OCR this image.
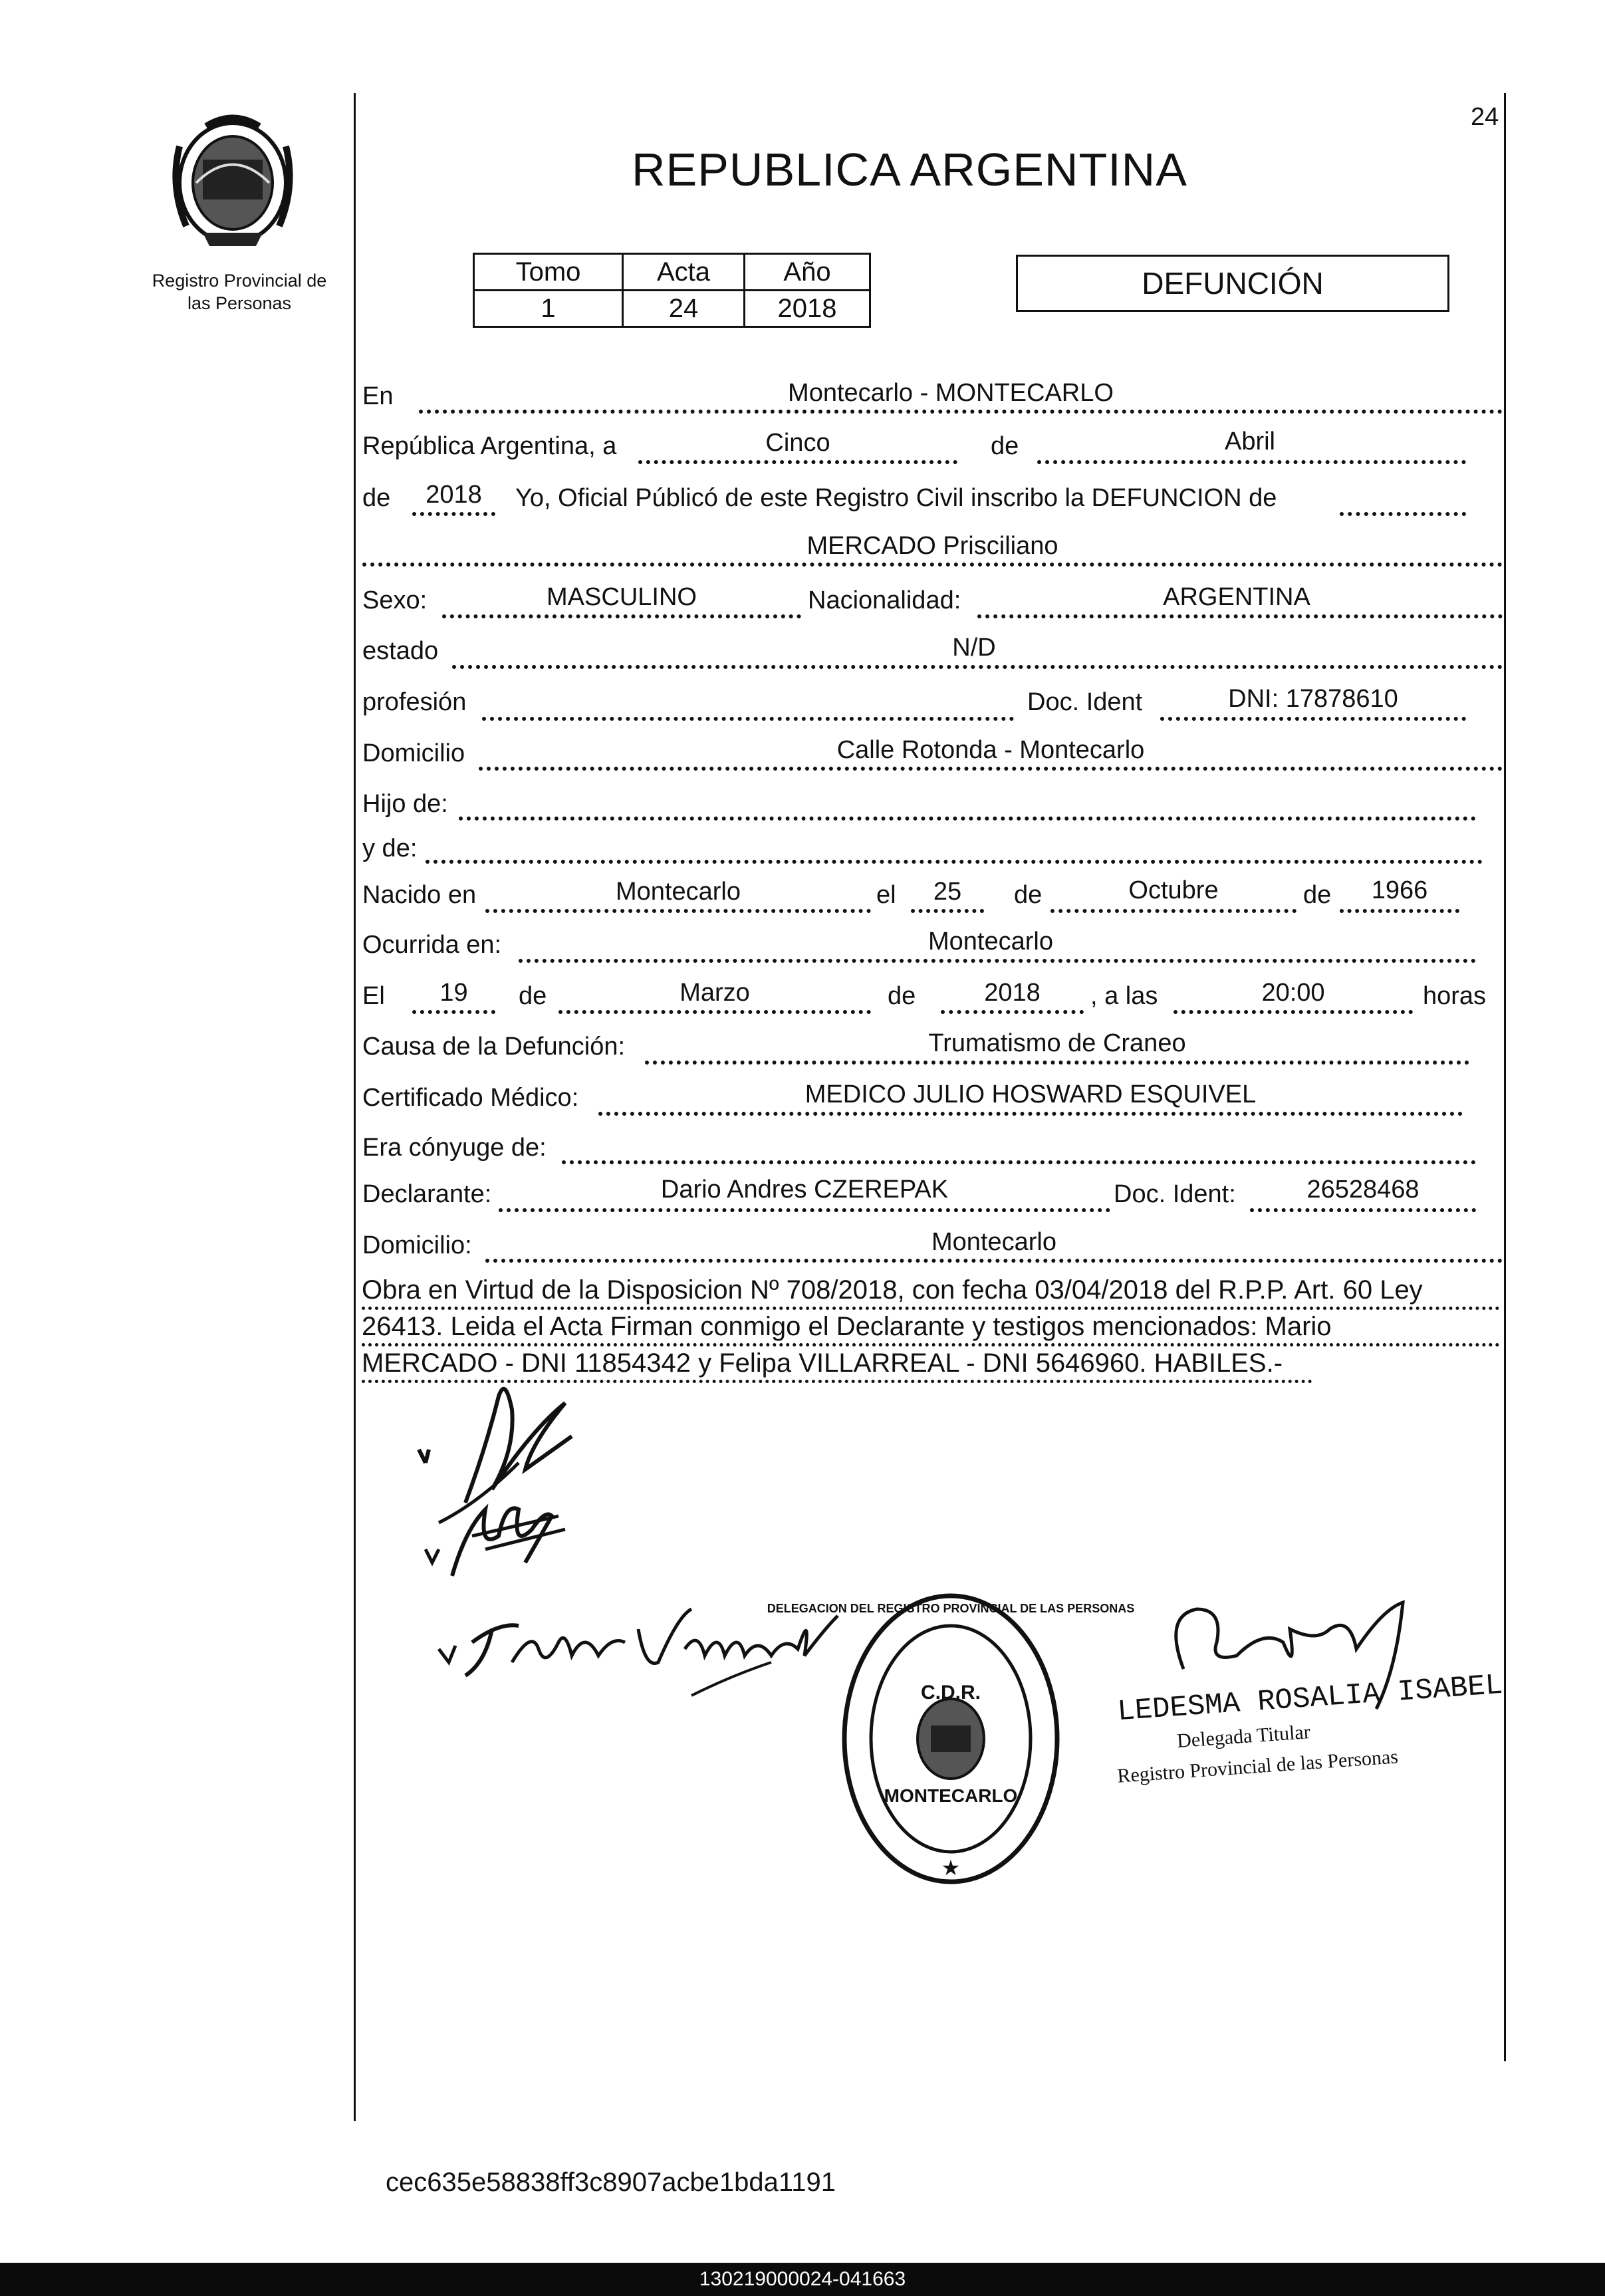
Registro Provincial de
las Personas
REPUBLICA ARGENTINA
24
Tomo	Acta	Año
1	24	2018
DEFUNCIÓN
En	Montecarlo - MONTECARLO
República Argentina, a	Cinco	de	Abril
de	2018	Yo, Oficial Públicó de este Registro Civil inscribo la DEFUNCION de
MERCADO Prisciliano
Sexo:	MASCULINO	Nacionalidad:	ARGENTINA
estado	N/D
profesión	Doc. Ident	DNI: 17878610
Domicilio	Calle Rotonda - Montecarlo
Hijo de:
y de:
Nacido en	Montecarlo	el	25	de	Octubre	de	1966
Ocurrida en:	Montecarlo
El	19	de	Marzo	de	2018	, a las	20:00	horas
Causa de la Defunción:	Trumatismo de Craneo
Certificado Médico:	MEDICO JULIO HOSWARD ESQUIVEL
Era cónyuge de:
Declarante:	Dario Andres CZEREPAK	Doc. Ident:	26528468
Domicilio:	Montecarlo
Obra en Virtud de la Disposicion Nº 708/2018, con fecha 03/04/2018 del R.P.P. Art. 60 Ley
26413. Leida el Acta Firman conmigo el Declarante y testigos mencionados: Mario
MERCADO - DNI 11854342 y Felipa VILLARREAL - DNI 5646960. HABILES.-
C.D.R.
MONTECARLO
DELEGACION DEL REGISTRO PROVINCIAL DE LAS PERSONAS
★
LEDESMA ROSALIA ISABEL
Delegada Titular
Registro Provincial de las Personas
cec635e58838ff3c8907acbe1bda1191
130219000024-041663
